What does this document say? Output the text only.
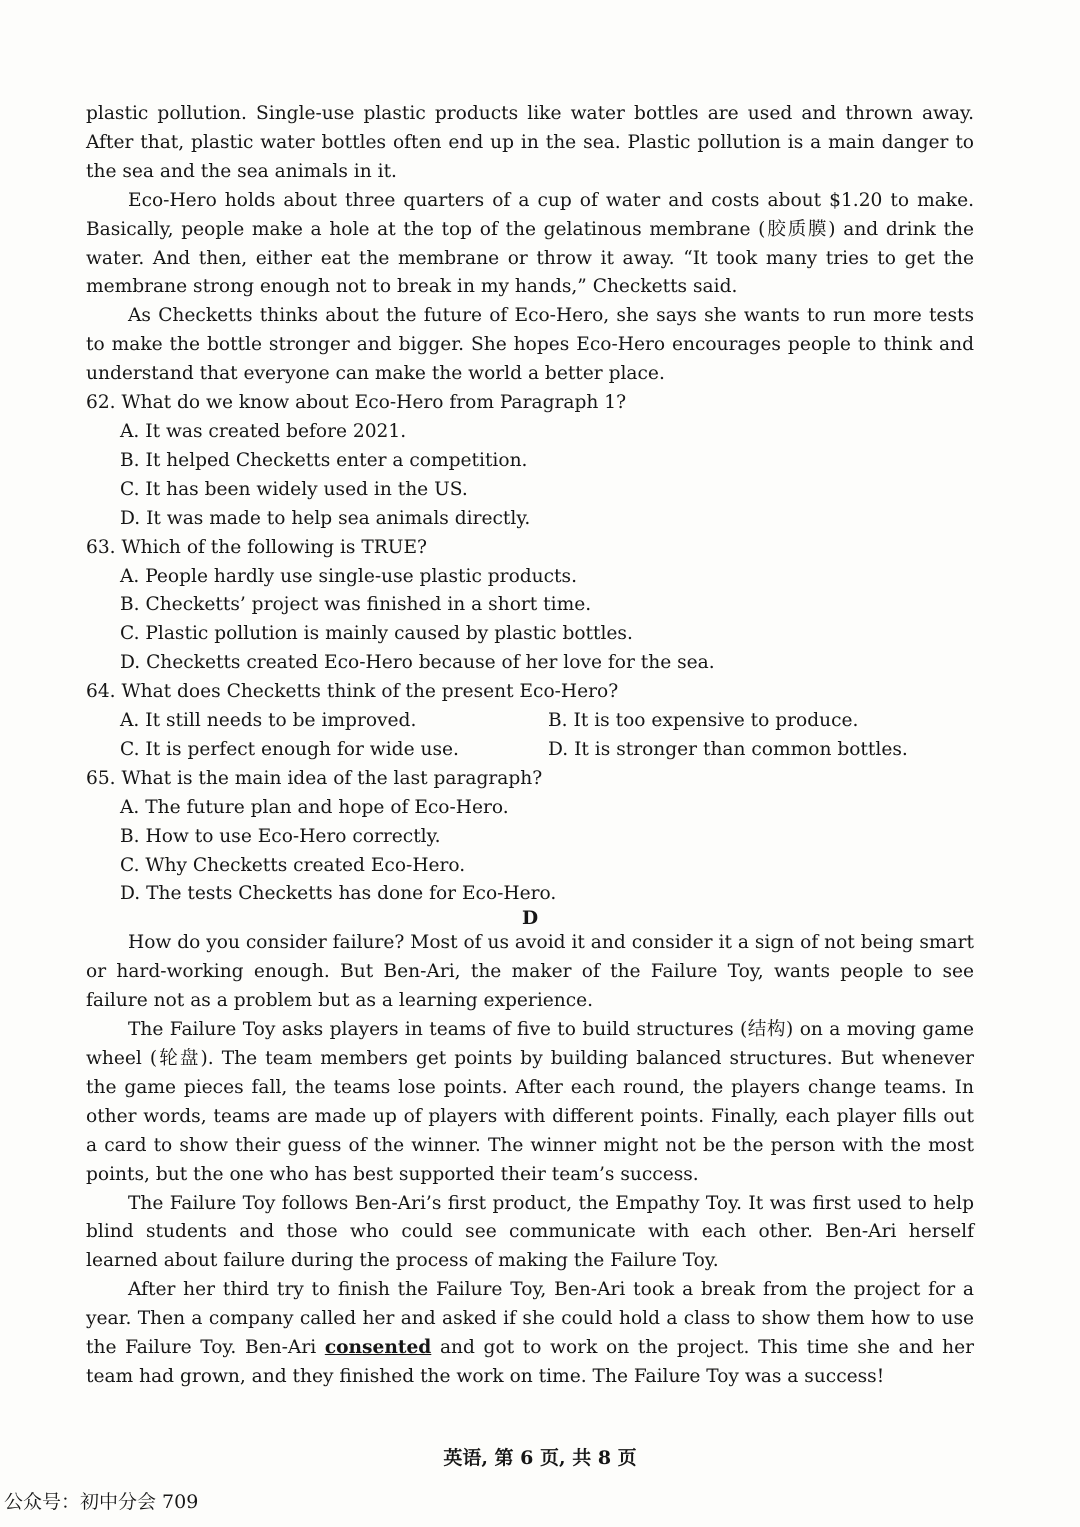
plastic pollution. Single-use plastic products like water bottles are used and thrown away. After that, plastic water bottles often end up in the sea. Plastic pollution is a main danger to the sea and the sea animals in it.

Eco-Hero holds about three quarters of a cup of water and costs about $1.20 to make. Basically, people make a hole at the top of the gelatinous membrane (胶质膜) and drink the water. And then, either eat the membrane or throw it away. “It took many tries to get the membrane strong enough not to break in my hands,” Checketts said.

As Checketts thinks about the future of Eco-Hero, she says she wants to run more tests to make the bottle stronger and bigger. She hopes Eco-Hero encourages people to think and understand that everyone can make the world a better place.

62. What do we know about Eco-Hero from Paragraph 1?

A. It was created before 2021.

B. It helped Checketts enter a competition.

C. It has been widely used in the US.

D. It was made to help sea animals directly.

63. Which of the following is TRUE?

A. People hardly use single-use plastic products.

B. Checketts’ project was finished in a short time.

C. Plastic pollution is mainly caused by plastic bottles.

D. Checketts created Eco-Hero because of her love for the sea.

64. What does Checketts think of the present Eco-Hero?

A. It still needs to be improved.	B. It is too expensive to produce.
C. It is perfect enough for wide use.	D. It is stronger than common bottles.

65. What is the main idea of the last paragraph?

A. The future plan and hope of Eco-Hero.

B. How to use Eco-Hero correctly.

C. Why Checketts created Eco-Hero.

D. The tests Checketts has done for Eco-Hero.

D

How do you consider failure? Most of us avoid it and consider it a sign of not being smart or hard-working enough. But Ben-Ari, the maker of the Failure Toy, wants people to see failure not as a problem but as a learning experience.

The Failure Toy asks players in teams of five to build structures (结构) on a moving game wheel (轮盘). The team members get points by building balanced structures. But whenever the game pieces fall, the teams lose points. After each round, the players change teams. In other words, teams are made up of players with different points. Finally, each player fills out a card to show their guess of the winner. The winner might not be the person with the most points, but the one who has best supported their team’s success.

The Failure Toy follows Ben-Ari’s first product, the Empathy Toy. It was first used to help blind students and those who could see communicate with each other. Ben-Ari herself learned about failure during the process of making the Failure Toy.

After her third try to finish the Failure Toy, Ben-Ari took a break from the project for a year. Then a company called her and asked if she could hold a class to show them how to use the Failure Toy. Ben-Ari consented and got to work on the project. This time she and her team had grown, and they finished the work on time. The Failure Toy was a success!

英语, 第 6 页, 共 8 页
公众号：初中分会 709
